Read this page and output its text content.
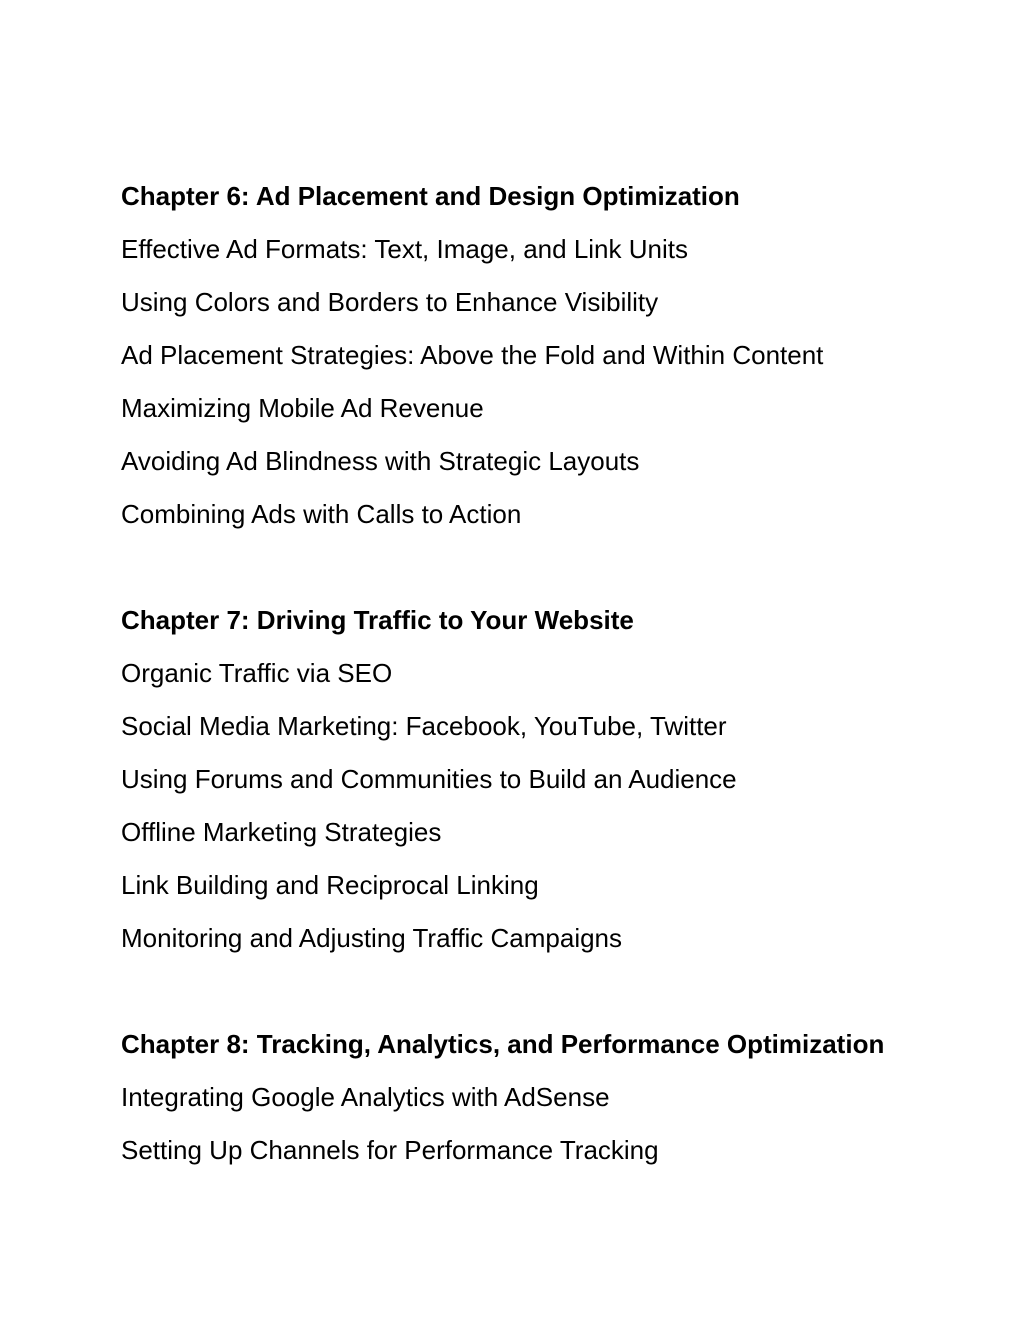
Chapter 6: Ad Placement and Design Optimization
Effective Ad Formats: Text, Image, and Link Units
Using Colors and Borders to Enhance Visibility
Ad Placement Strategies: Above the Fold and Within Content
Maximizing Mobile Ad Revenue
Avoiding Ad Blindness with Strategic Layouts
Combining Ads with Calls to Action
Chapter 7: Driving Traffic to Your Website
Organic Traffic via SEO
Social Media Marketing: Facebook, YouTube, Twitter
Using Forums and Communities to Build an Audience
Offline Marketing Strategies
Link Building and Reciprocal Linking
Monitoring and Adjusting Traffic Campaigns
Chapter 8: Tracking, Analytics, and Performance Optimization
Integrating Google Analytics with AdSense
Setting Up Channels for Performance Tracking
